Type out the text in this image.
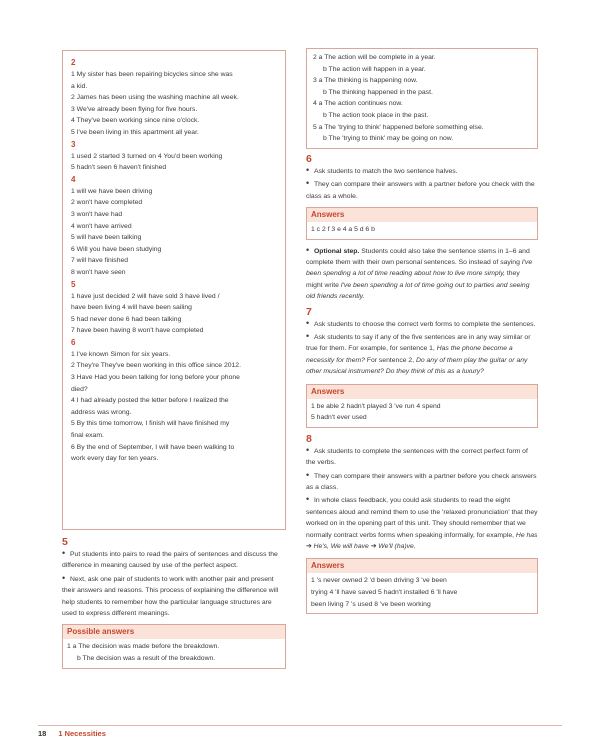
2
1 My sister has been repairing bicycles since she was
a kid.
2 James has been using the washing machine all week.
3 We've already been flying for five hours.
4 They've been working since nine o'clock.
5 I've been living in this apartment all year.
3
1 used 2 started 3 turned on 4 You'd been working
5 hadn't seen 6 haven't finished
4
1 will we have been driving
2 won't have completed
3 won't have had
4 won't have arrived
5 will have been talking
6 Will you have been studying
7 will have finished
8 won't have seen
5
1 have just decided 2 will have sold 3 have lived /
have been living 4 will have been sailing
5 had never done 6 had been talking
7 have been having 8 won't have completed
6
1 I've known Simon for six years.
2 They're They've been working in this office since 2012.
3 Have Had you been talking for long before your phone
died?
4 I had already posted the letter before I realized the
address was wrong.
5 By this time tomorrow, I finish will have finished my
final exam.
6 By the end of September, I will have been walking to
work every day for ten years.
5
• Put students into pairs to read the pairs of sentences and discuss the difference in meaning caused by use of the perfect aspect.
• Next, ask one pair of students to work with another pair and present their answers and reasons. This process of explaining the difference will help students to remember how the particular language structures are used to express different meanings.
Possible answers
1 a The decision was made before the breakdown.
b The decision was a result of the breakdown.
2 a The action will be complete in a year.
b The action will happen in a year.
3 a The thinking is happening now.
b The thinking happened in the past.
4 a The action continues now.
b The action took place in the past.
5 a The 'trying to think' happened before something else.
b The 'trying to think' may be going on now.
6
• Ask students to match the two sentence halves.
• They can compare their answers with a partner before you check with the class as a whole.
Answers
1 c 2 f 3 e 4 a 5 d 6 b
• Optional step. Students could also take the sentence stems in 1–6 and complete them with their own personal sentences. So instead of saying I've been spending a lot of time reading about how to live more simply, they might write I've been spending a lot of time going out to parties and seeing old friends recently.
7
• Ask students to choose the correct verb forms to complete the sentences.
• Ask students to say if any of the five sentences are in any way similar or true for them. For example, for sentence 1, Has the phone become a necessity for them? For sentence 2, Do any of them play the guitar or any other musical instrument? Do they think of this as a luxury?
Answers
1 be able 2 hadn't played 3 've run 4 spend
5 hadn't ever used
8
• Ask students to complete the sentences with the correct perfect form of the verbs.
• They can compare their answers with a partner before you check answers as a class.
• In whole class feedback, you could ask students to read the eight sentences aloud and remind them to use the 'relaxed pronunciation' that they worked on in the opening part of this unit. They should remember that we normally contract verbs forms when speaking informally, for example, He has ➔ He's, We will have ➔ We'll (ha)ve.
Answers
1 's never owned 2 'd been driving 3 've been
trying 4 'll have saved 5 hadn't installed 6 'll have
been living 7 's used 8 've been working
18 1 Necessities
